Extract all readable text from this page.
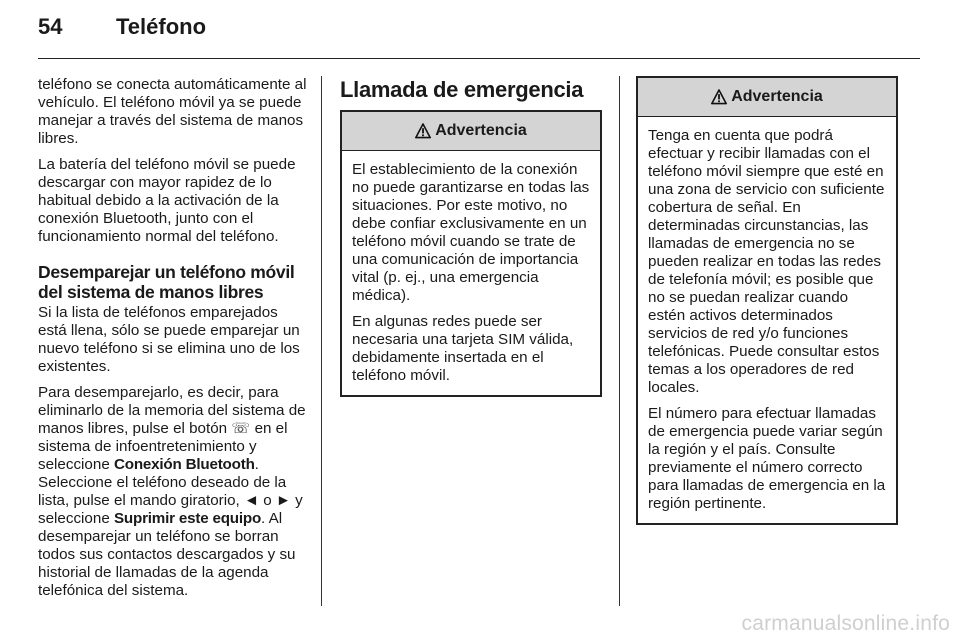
54 Teléfono

teléfono se conecta automáticamente al vehículo. El teléfono móvil ya se puede manejar a través del sistema de manos libres.

La batería del teléfono móvil se puede descargar con mayor rapidez de lo habitual debido a la activación de la conexión Bluetooth, junto con el funcionamiento normal del teléfono.

Desemparejar un teléfono móvil del sistema de manos libres

Si la lista de teléfonos emparejados está llena, sólo se puede emparejar un nuevo teléfono si se elimina uno de los existentes.

Para desemparejarlo, es decir, para eliminarlo de la memoria del sistema de manos libres, pulse el botón ☏ en el sistema de infoentretenimiento y seleccione Conexión Bluetooth. Seleccione el teléfono deseado de la lista, pulse el mando giratorio, ◄ o ► y seleccione Suprimir este equipo. Al desemparejar un teléfono se borran todos sus contactos descargados y su historial de llamadas de la agenda telefónica del sistema.

Llamada de emergencia
Advertencia

El establecimiento de la conexión no puede garantizarse en todas las situaciones. Por este motivo, no debe confiar exclusivamente en un teléfono móvil cuando se trate de una comunicación de importancia vital (p. ej., una emergencia médica).

En algunas redes puede ser necesaria una tarjeta SIM válida, debidamente insertada en el teléfono móvil.

Advertencia

Tenga en cuenta que podrá efectuar y recibir llamadas con el teléfono móvil siempre que esté en una zona de servicio con suficiente cobertura de señal. En determinadas circunstancias, las llamadas de emergencia no se pueden realizar en todas las redes de telefonía móvil; es posible que no se puedan realizar cuando estén activos determinados servicios de red y/o funciones telefónicas. Puede consultar estos temas a los operadores de red locales.

El número para efectuar llamadas de emergencia puede variar según la región y el país. Consulte previamente el número correcto para llamadas de emergencia en la región pertinente.

carmanualsonline.info
